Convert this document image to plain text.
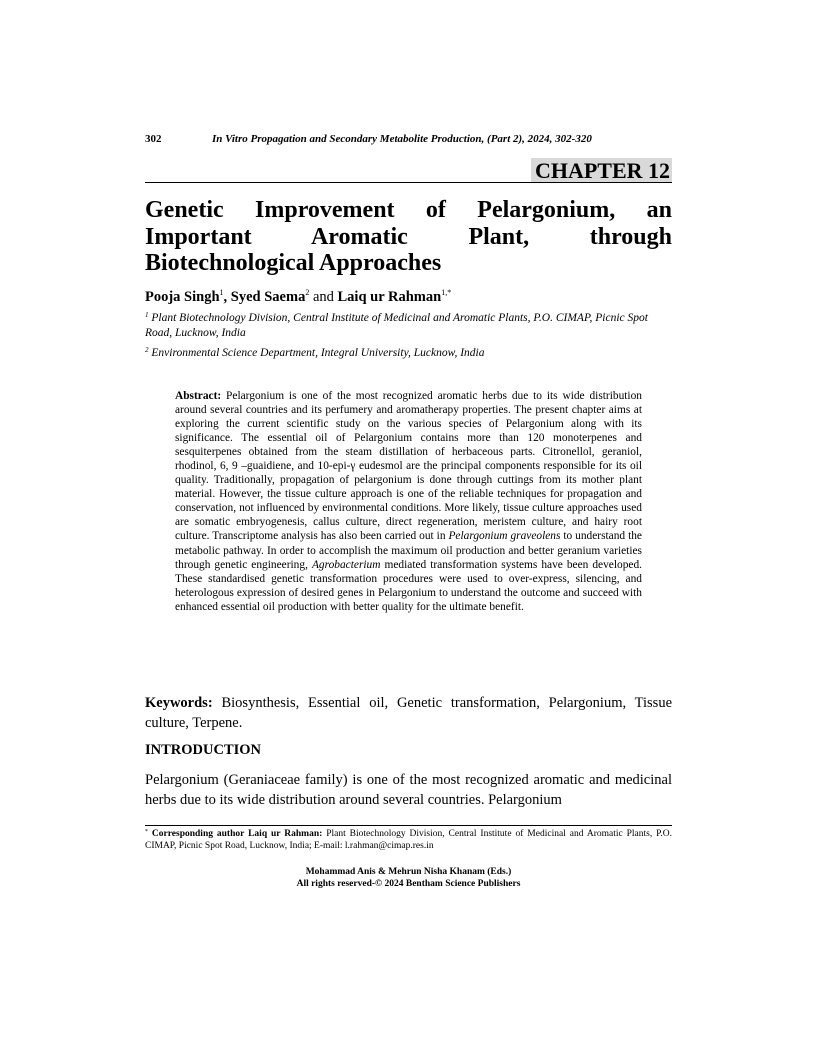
302	In Vitro Propagation and Secondary Metabolite Production, (Part 2), 2024, 302-320
CHAPTER 12
Genetic Improvement of Pelargonium, an
Important Aromatic Plant, through
Biotechnological Approaches
Pooja Singh$^1$, Syed Saema$^2$ and Laiq ur Rahman$^{1,*}$
$^1$ Plant Biotechnology Division, Central Institute of Medicinal and Aromatic Plants, P.O. CIMAP, Picnic Spot Road, Lucknow, India
$^2$ Environmental Science Department, Integral University, Lucknow, India
Abstract: Pelargonium is one of the most recognized aromatic herbs due to its wide distribution around several countries and its perfumery and aromatherapy properties. The present chapter aims at exploring the current scientific study on the various species of Pelargonium along with its significance. The essential oil of Pelargonium contains more than 120 monoterpenes and sesquiterpenes obtained from the steam distillation of herbaceous parts. Citronellol, geraniol, rhodinol, 6, 9 –guaidiene, and 10-epi-γ eudesmol are the principal components responsible for its oil quality. Traditionally, propagation of pelargonium is done through cuttings from its mother plant material. However, the tissue culture approach is one of the reliable techniques for propagation and conservation, not influenced by environmental conditions. More likely, tissue culture approaches used are somatic embryogenesis, callus culture, direct regeneration, meristem culture, and hairy root culture. Transcriptome analysis has also been carried out in Pelargonium graveolens to understand the metabolic pathway. In order to accomplish the maximum oil production and better geranium varieties through genetic engineering, Agrobacterium mediated transformation systems have been developed. These standardised genetic transformation procedures were used to over-express, silencing, and heterologous expression of desired genes in Pelargonium to understand the outcome and succeed with enhanced essential oil production with better quality for the ultimate benefit.
Keywords: Biosynthesis, Essential oil, Genetic transformation, Pelargonium, Tissue culture, Terpene.
INTRODUCTION
Pelargonium (Geraniaceae family) is one of the most recognized aromatic and medicinal herbs due to its wide distribution around several countries. Pelargonium
* Corresponding author Laiq ur Rahman: Plant Biotechnology Division, Central Institute of Medicinal and Aromatic Plants, P.O. CIMAP, Picnic Spot Road, Lucknow, India; E-mail: l.rahman@cimap.res.in
Mohammad Anis & Mehrun Nisha Khanam (Eds.)
All rights reserved-© 2024 Bentham Science Publishers
